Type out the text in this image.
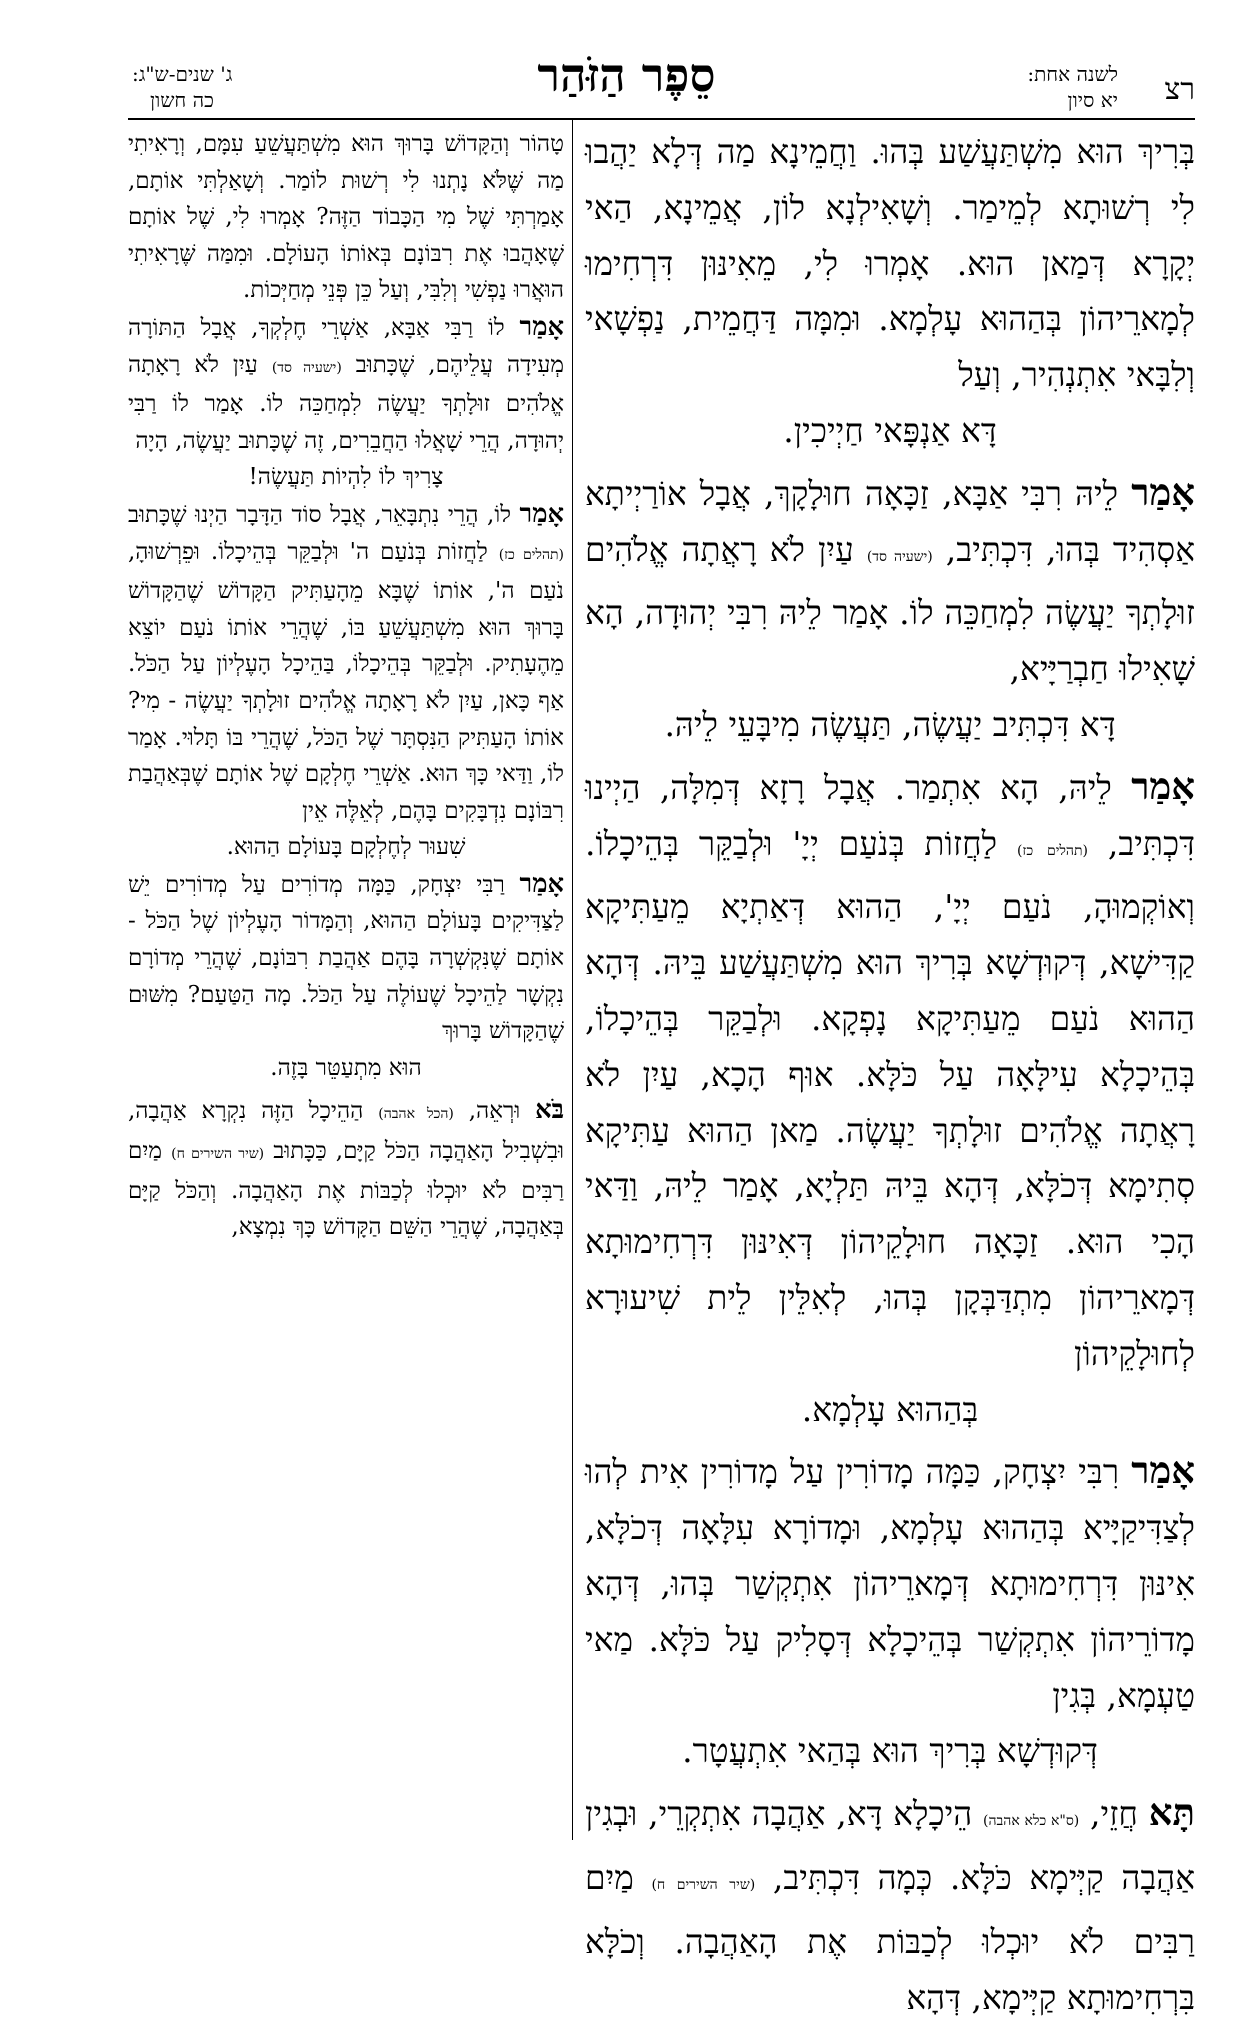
רצ
לשנה אחת:
יא סיון
סֵפֶר הַזֹּהַר
ג' שנים-ש"ג:
כה חשון

בְּרִיךְ הוּא מִשְׁתַּעֲשַׁע בְּהוּ. וַחֲמֵינָא מַה דְּלָא יַהֲבוּ לִי רְשׁוּתָא לְמֵימַר. וְשָׁאִילְנָא לוֹן, אֲמֵינָא, הַאי יְקָרָא דְּמַאן הוּא. אָמְרוּ לִי, מֵאִינּוּן דִּרְחִימוּ לְמָארֵיהוֹן בְּהַהוּא עָלְמָא. וּמִמָּה דַּחֲמֵית, נַפְשָׁאי וְלִבָּאי אִתְנְהִיר, וְעַל

דָּא אַנְפָּאי חַיְיכִין.

אָמַר לֵיהּ רִבִּי אַבָּא, זַכָּאָה חוּלָקָךְ, אֲבָל אוֹרַיְיתָא אַסְהִיד בְּהוּ, דִּכְתִּיב, (ישעיה סד) עַיִן לֹא רָאֲתָה אֱלֹהִים זוּלָתְךָ יַעֲשֶׂה לִמְחַכֵּה לוֹ. אָמַר לֵיהּ רִבִּי יְהוּדָה, הָא שָׁאִילוּ חַבְרַיָּיא,

דָּא דִּכְתִּיב יַעֲשֶׂה, תַּעֲשֶׂה מִיבָּעֵי לֵיהּ.

אָמַר לֵיהּ, הָא אִתְמַר. אֲבָל רָזָא דְּמִלָּה, הַיְינוּ דִּכְתִּיב, (תהלים כז) לַחֲזוֹת בְּנֹעַם יְיָ' וּלְבַקֵּר בְּהֵיכָלוֹ. וְאוֹקְמוּהָ, נֹעַם יְיָ', הַהוּא דְּאַתְיָא מֵעַתִּיקָא קַדִּישָׁא, דְּקוּדְשָׁא בְּרִיךְ הוּא מִשְׁתַּעֲשַׁע בֵּיהּ. דְּהָא הַהוּא נֹעַם מֵעַתִּיקָא נָפְקָא. וּלְבַקֵּר בְּהֵיכָלוֹ, בְּהֵיכָלָא עִילָּאָה עַל כֹּלָּא. אוּף הָכָא, עַיִן לֹא רָאֲתָה אֱלֹהִים זוּלָתְךָ יַעֲשֶׂה. מַאן הַהוּא עַתִּיקָא סְתִימָא דְּכֹלָּא, דְּהָא בֵּיהּ תַּלְיָא, אָמַר לֵיהּ, וַדַּאי הָכִי הוּא. זַכָּאָה חוּלָקֵיהוֹן דְּאִינּוּן דִּרְחִימוּתָא דְּמָארֵיהוֹן מִתְדַּבְּקָן בְּהוּ, לְאִלֵּין לֵית שִׁיעוּרָא לְחוּלָקֵיהוֹן

בְּהַהוּא עָלְמָא.

אָמַר רִבִּי יִצְחָק, כַּמָּה מָדוֹרִין עַל מָדוֹרִין אִית לְהוּ לְצַדִּיקַיָּיא בְּהַהוּא עָלְמָא, וּמָדוֹרָא עִלָּאָה דְּכֹלָּא, אִינּוּן דִּרְחִימוּתָא דְּמָארֵיהוֹן אִתְקְשַׁר בְּהוּ, דְּהָא מָדוֹרֵיהוֹן אִתְקְשַׁר בְּהֵיכָלָא דְּסָלִיק עַל כֹּלָּא. מַאי טַעְמָא, בְּגִין

דְּקוּדְשָׁא בְּרִיךְ הוּא בְּהַאי אִתְעֲטָר.

תָּא חֲזֵי, (ס"א כלא אהבה) הֵיכָלָא דָּא, אַהֲבָה אִתְקְרֵי, וּבְגִין אַהֲבָה קַיְּימָא כֹּלָּא. כְּמָה דִּכְתִּיב, (שיר השירים ח) מַיִם רַבִּים לֹא יוּכְלוּ לְכַבּוֹת אֶת הָאַהֲבָה. וְכֹלָּא בִּרְחִימוּתָא קַיְּימָא, דְּהָא

טָהוֹר וְהַקָּדוֹשׁ בָּרוּךְ הוּא מִשְׁתַּעֲשֵׁעַ עִמָּם, וְרָאִיתִי מַה שֶּׁלֹּא נָתְנוּ לִי רְשׁוּת לוֹמַר. וְשָׁאַלְתִּי אוֹתָם, אָמַרְתִּי שֶׁל מִי הַכָּבוֹד הַזֶּה? אָמְרוּ לִי, שֶׁל אוֹתָם שֶׁאָהֲבוּ אֶת רִבּוֹנָם בְּאוֹתוֹ הָעוֹלָם. וּמִמַּה שֶּׁרָאִיתִי הוּאֲרוּ נַפְשִׁי וְלִבִּי, וְעַל כֵּן פְּנֵי מְחַיְּכוֹת.

אָמַר לוֹ רַבִּי אַבָּא, אַשְׁרֵי חֶלְקְךָ, אֲבָל הַתּוֹרָה מְעִידָה עֲלֵיהֶם, שֶׁכָּתוּב (ישעיה סד) עַיִן לֹא רָאָתָה אֱלֹהִים זוּלָתְךָ יַעֲשֶׂה לִמְחַכֵּה לוֹ. אָמַר לוֹ רַבִּי יְהוּדָה, הֲרֵי שָׁאֲלוּ הַחֲבֵרִים, זֶה שֶׁכָּתוּב יַעֲשֶׂה, הָיָה

צָרִיךְ לוֹ לִהְיוֹת תַּעֲשֶׂה!

אָמַר לוֹ, הֲרֵי נִתְבָּאֵר, אֲבָל סוֹד הַדָּבָר הַיְנוּ שֶׁכָּתוּב (תהלים כז) לַחֲזוֹת בְּנֹעַם ה' וּלְבַקֵּר בְּהֵיכָלוֹ. וּפֵרְשׁוּהָ, נֹעַם ה', אוֹתוֹ שֶׁבָּא מֵהָעַתִּיק הַקָּדוֹשׁ שֶׁהַקָּדוֹשׁ בָּרוּךְ הוּא מִשְׁתַּעֲשֵׁעַ בּוֹ, שֶׁהֲרֵי אוֹתוֹ נֹעַם יוֹצֵא מֵהֶעָתִיק. וּלְבַקֵּר בְּהֵיכָלוֹ, בַּהֵיכָל הָעֶלְיוֹן עַל הַכֹּל. אַף כָּאן, עַיִן לֹא רָאָתָה אֱלֹהִים זוּלָתְךָ יַעֲשֶׂה - מִי? אוֹתוֹ הָעַתִּיק הַנִּסְתָּר שֶׁל הַכֹּל, שֶׁהֲרֵי בּוֹ תָּלוּי. אָמַר לוֹ, וַדַּאי כָּךְ הוּא. אַשְׁרֵי חֶלְקָם שֶׁל אוֹתָם שֶׁבְּאַהֲבַת רִבּוֹנָם נִדְבָּקִים בָּהֶם, לְאֵלֶּה אֵין

שִׁעוּר לְחֶלְקָם בָּעוֹלָם הַהוּא.

אָמַר רַבִּי יִצְחָק, כַּמָּה מְדוֹרִים עַל מְדוֹרִים יֵשׁ לַצַּדִּיקִים בָּעוֹלָם הַהוּא, וְהַמָּדוֹר הָעֶלְיוֹן שֶׁל הַכֹּל - אוֹתָם שֶׁנִּקְשְׁרָה בָּהֶם אַהֲבַת רִבּוֹנָם, שֶׁהֲרֵי מְדוֹרָם נִקְשָׁר לַהֵיכָל שֶׁעוֹלֶה עַל הַכֹּל. מָה הַטַּעַם? מִשּׁוּם שֶׁהַקָּדוֹשׁ בָּרוּךְ

הוּא מִתְעַטֵּר בָּזֶה.

בֹּא וּרְאֵה, (הכל אהבה) הַהֵיכָל הַזֶּה נִקְרָא אַהֲבָה, וּבִשְׁבִיל הָאַהֲבָה הַכֹּל קַיָּם, כַּכָּתוּב (שיר השירים ח) מַיִם רַבִּים לֹא יוּכְלוּ לְכַבּוֹת אֶת הָאַהֲבָה. וְהַכֹּל קַיָּם בְּאַהֲבָה, שֶׁהֲרֵי הַשֵּׁם הַקָּדוֹשׁ כָּךְ נִמְצָא,
